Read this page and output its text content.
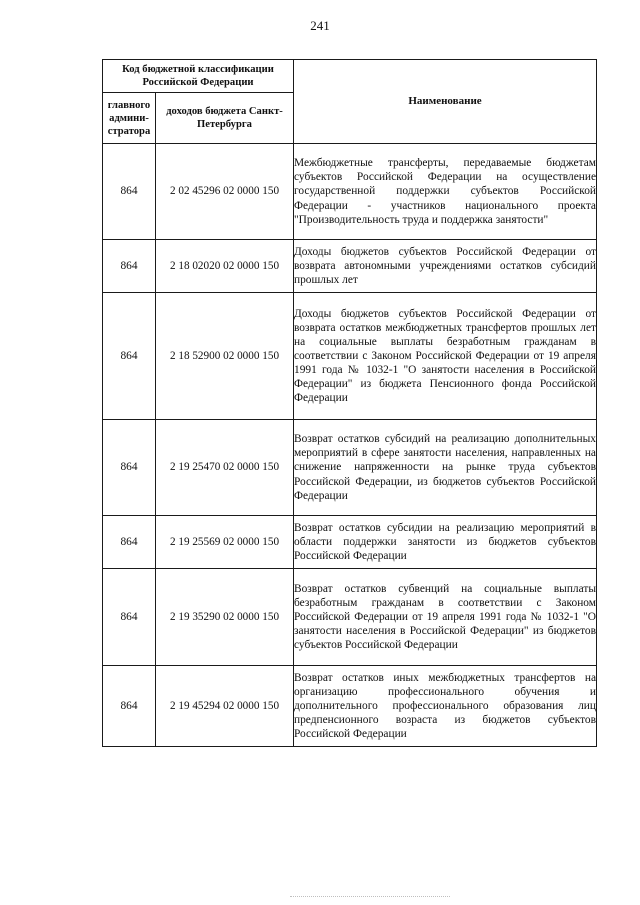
241
Код бюджетной классификации Российской Федерации		Наименование
главного админи- стратора	доходов бюджета Санкт-Петербурга	
864	2 02 45296 02 0000 150	Межбюджетные трансферты, передаваемые бюджетам субъектов Российской Федерации на осуществление государственной поддержки субъектов Российской Федерации - участников национального проекта "Производительность труда и поддержка занятости"
864	2 18 02020 02 0000 150	Доходы бюджетов субъектов Российской Федерации от возврата автономными учреждениями остатков субсидий прошлых лет
864	2 18 52900 02 0000 150	Доходы бюджетов субъектов Российской Федерации от возврата остатков межбюджетных трансфертов прошлых лет на социальные выплаты безработным гражданам в соответствии с Законом Российской Федерации от 19 апреля 1991 года № 1032-1 "О занятости населения в Российской Федерации" из бюджета Пенсионного фонда Российской Федерации
864	2 19 25470 02 0000 150	Возврат остатков субсидий на реализацию дополнительных мероприятий в сфере занятости населения, направленных на снижение напряженности на рынке труда субъектов Российской Федерации, из бюджетов субъектов Российской Федерации
864	2 19 25569 02 0000 150	Возврат остатков субсидии на реализацию мероприятий в области поддержки занятости из бюджетов субъектов Российской Федерации
864	2 19 35290 02 0000 150	Возврат остатков субвенций на социальные выплаты безработным гражданам в соответствии с Законом Российской Федерации от 19 апреля 1991 года № 1032-1 "О занятости населения в Российской Федерации" из бюджетов субъектов Российской Федерации
864	2 19 45294 02 0000 150	Возврат остатков иных межбюджетных трансфертов на организацию профессионального обучения и дополнительного профессионального образования лиц предпенсионного возраста из бюджетов субъектов Российской Федерации
